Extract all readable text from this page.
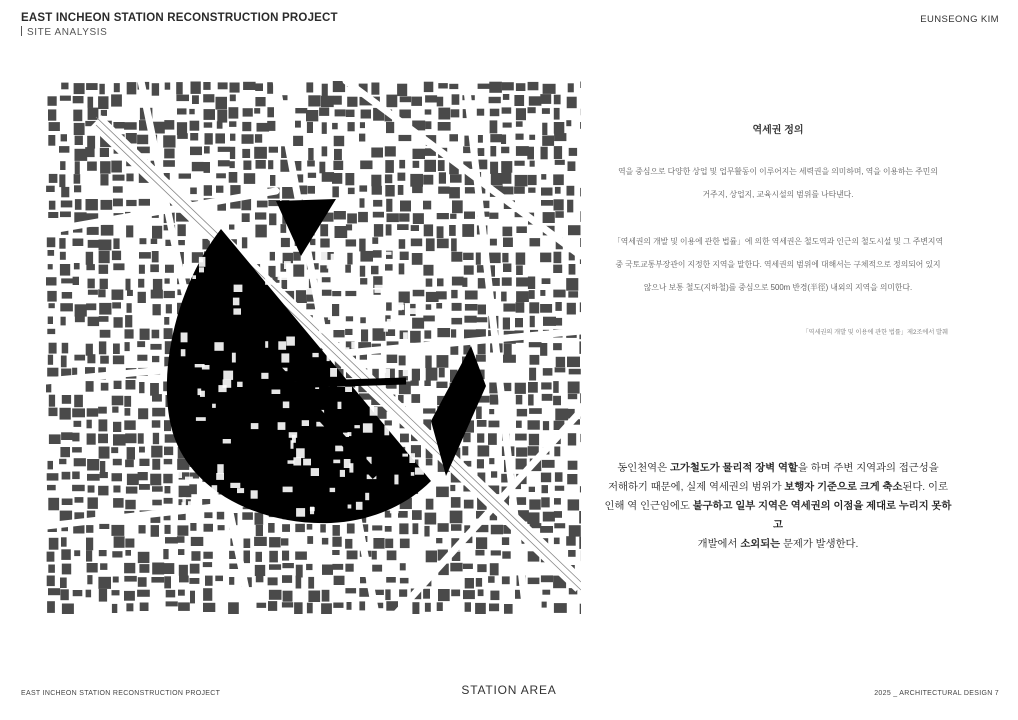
EAST INCHEON STATION RECONSTRUCTION PROJECT
SITE ANALYSIS
EUNSEONG KIM
역세권 정의
역을 중심으로 다양한 상업 및 업무활동이 이루어지는 세력권을 의미하며, 역을 이용하는 주민의
거주지, 상업지, 교육시설의 범위를 나타낸다.
「역세권의 개발 및 이용에 관한 법률」에 의한 역세권은 철도역과 인근의 철도시설 및 그 주변지역
중 국토교통부장관이 지정한 지역을 말한다. 역세권의 범위에 대해서는 구체적으로 정의되어 있지
않으나 보통 철도(지하철)를 중심으로 500m 반경(半徑) 내외의 지역을 의미한다.
「역세권의 개발 및 이용에 관한 법률」제2조에서 발췌
동인천역은 고가철도가 물리적 장벽 역할을 하며 주변 지역과의 접근성을
저해하기 때문에, 실제 역세권의 범위가 보행자 기준으로 크게 축소된다. 이로
인해 역 인근임에도 불구하고 일부 지역은 역세권의 이점을 제대로 누리지 못하고
개발에서 소외되는 문제가 발생한다.
EAST INCHEON STATION RECONSTRUCTION PROJECT	STATION AREA	2025 _ ARCHITECTURAL DESIGN 7
